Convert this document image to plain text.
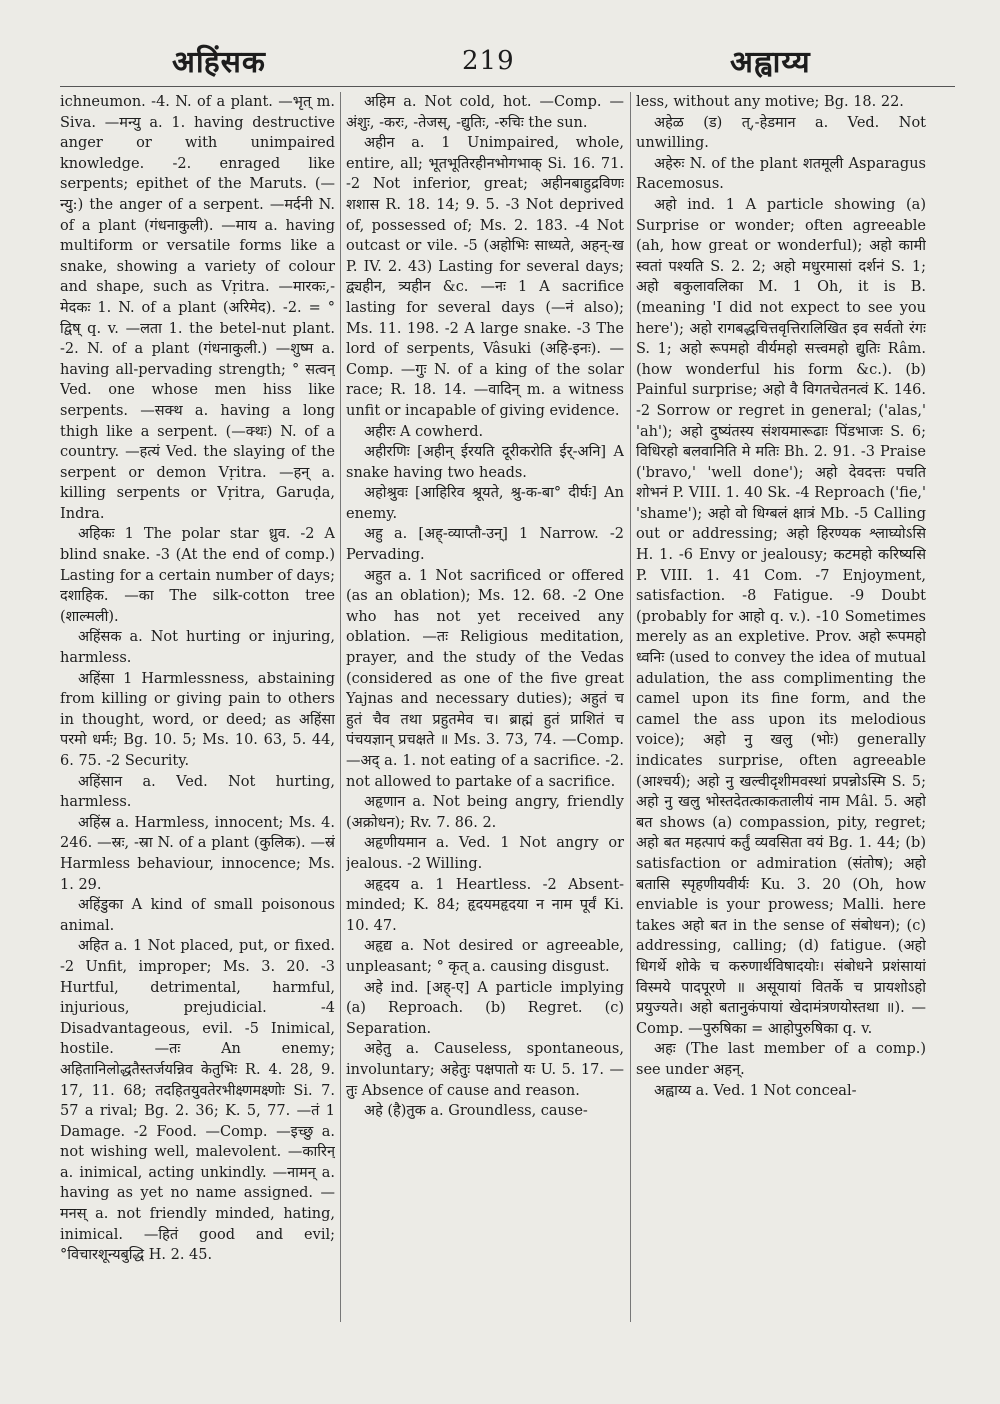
अहिंसक	219	अह्वाय्य

ichneumon. -4. N. of a plant. —भृत् m. Siva. —मन्यु a. 1. having destructive anger or with unimpaired knowledge. -2. enraged like serpents; epithet of the Maruts. (—न्यु:) the anger of a serpent. —मर्दनी N. of a plant (गंधनाकुली). —माय a. having multiform or versatile forms like a snake, showing a variety of colour and shape, such as Vṛitra. —मारकः,-मेदकः 1. N. of a plant (अरिमेद). -2. = ° द्विष् q. v. —लता 1. the betel-nut plant. -2. N. of a plant (गंधनाकुली.) —शुष्म a. having all-pervading strength; ° सत्वन् Ved. one whose men hiss like serpents. —सक्थ a. having a long thigh like a serpent. (—क्थः) N. of a country. —हत्यं Ved. the slaying of the serpent or demon Vṛitra. —हन् a. killing serpents or Vṛitra, Garuḍa, Indra.

अहिकः 1 The polar star ध्रुव. -2 A blind snake. -3 (At the end of comp.) Lasting for a certain number of days; दशाहिक. —का The silk-cotton tree (शाल्मली).

अहिंसक a. Not hurting or injuring, harmless.

अहिंसा 1 Harmlessness, abstaining from killing or giving pain to others in thought, word, or deed; as अहिंसा परमो धर्मः; Bg. 10. 5; Ms. 10. 63, 5. 44, 6. 75. -2 Security.

अहिंसान a. Ved. Not hurting, harmless.

अहिंस्र a. Harmless, innocent; Ms. 4. 246. —स्रः, -स्रा N. of a plant (कुलिक). —स्रं Harmless behaviour, innocence; Ms. 1. 29.

अहिंडुका A kind of small poisonous animal.

अहित a. 1 Not placed, put, or fixed. -2 Unfit, improper; Ms. 3. 20. -3 Hurtful, detrimental, harmful, injurious, prejudicial. -4 Disadvantageous, evil. -5 Inimical, hostile. —तः An enemy; अहितानिलोद्धतैस्तर्जयन्निव केतुभिः R. 4. 28, 9. 17, 11. 68; तदहितयुवतेरभीक्ष्णमक्ष्णोः Si. 7. 57 a rival; Bg. 2. 36; K. 5, 77. —तं 1 Damage. -2 Food. —Comp. —इच्छु a. not wishing well, malevolent. —कारिन् a. inimical, acting unkindly. —नामन् a. having as yet no name assigned. —मनस् a. not friendly minded, hating, inimical. —हितं good and evil; °विचारशून्यबुद्धि H. 2. 45.

अहिम a. Not cold, hot. —Comp. —अंशुः, -करः, -तेजस्, -द्युतिः, -रुचिः the sun.

अहीन a. 1 Unimpaired, whole, entire, all; भूतभूतिरहीनभोगभाक् Si. 16. 71. -2 Not inferior, great; अहीनबाहुद्रविणः शशास R. 18. 14; 9. 5. -3 Not deprived of, possessed of; Ms. 2. 183. -4 Not outcast or vile. -5 (अहोभिः साध्यते, अहन्-ख P. IV. 2. 43) Lasting for several days; द्व्यहीन, त्र्यहीन &c. —नः 1 A sacrifice lasting for several days (—नं also); Ms. 11. 198. -2 A large snake. -3 The lord of serpents, Vâsuki (अहि-इनः). —Comp. —गुः N. of a king of the solar race; R. 18. 14. —वादिन् m. a witness unfit or incapable of giving evidence.

अहीरः A cowherd.

अहीरणिः [अहीन् ईरयति दूरीकरोति ईर्-अनि] A snake having two heads.

अहोश्रुवः [आहिरिव श्रूयते, श्रु-क-बा° दीर्घः] An enemy.

अहु a. [अह्-व्याप्तौ-उन्] 1 Narrow. -2 Pervading.

अहुत a. 1 Not sacrificed or offered (as an oblation); Ms. 12. 68. -2 One who has not yet received any oblation. —तः Religious meditation, prayer, and the study of the Vedas (considered as one of the five great Yajnas and necessary duties); अहुतं च हुतं चैव तथा प्रहुतमेव च। ब्राह्मं हुतं प्राशितं च पंचयज्ञान् प्रचक्षते ॥ Ms. 3. 73, 74. —Comp. —अद् a. 1. not eating of a sacrifice. -2. not allowed to partake of a sacrifice.

अहृणान a. Not being angry, friendly (अक्रोधन); Rv. 7. 86. 2.

अहृणीयमान a. Ved. 1 Not angry or jealous. -2 Willing.

अहृदय a. 1 Heartless. -2 Absent-minded; K. 84; हृदयमहृदया न नाम पूर्वं Ki. 10. 47.

अहृद्य a. Not desired or agreeable, unpleasant; ° कृत् a. causing disgust.

अहे ind. [अह्-ए] A particle implying (a) Reproach. (b) Regret. (c) Separation.

अहेतु a. Causeless, spontaneous, involuntary; अहेतुः पक्षपातो यः U. 5. 17. —तुः Absence of cause and reason.

अहे (है)तुक a. Groundless, cause-

less, without any motive; Bg. 18. 22.

अहेळ (ड) त्,-हेडमान a. Ved. Not unwilling.

अहेरुः N. of the plant शतमूली Asparagus Racemosus.

अहो ind. 1 A particle showing (a) Surprise or wonder; often agreeable (ah, how great or wonderful); अहो कामी स्वतां पश्यति S. 2. 2; अहो मधुरमासां दर्शनं S. 1; अहो बकुलावलिका M. 1 Oh, it is B. (meaning 'I did not expect to see you here'); अहो रागबद्धचित्तवृत्तिरालिखित इव सर्वतो रंगः S. 1; अहो रूपमहो वीर्यमहो सत्त्वमहो द्युतिः Râm. (how wonderful his form &c.). (b) Painful surprise; अहो वै विगतचेतनत्वं K. 146. -2 Sorrow or regret in general; ('alas,' 'ah'); अहो दुष्यंतस्य संशयमारूढाः पिंडभाजः S. 6; विधिरहो बलवानिति मे मतिः Bh. 2. 91. -3 Praise ('bravo,' 'well done'); अहो देवदत्तः पचति शोभनं P. VIII. 1. 40 Sk. -4 Reproach ('fie,' 'shame'); अहो वो धिग्बलं क्षात्रं Mb. -5 Calling out or addressing; अहो हिरण्यक श्लाघ्योऽसि H. 1. -6 Envy or jealousy; कटमहो करिष्यसि P. VIII. 1. 41 Com. -7 Enjoyment, satisfaction. -8 Fatigue. -9 Doubt (probably for आहो q. v.). -10 Sometimes merely as an expletive. Prov. अहो रूपमहो ध्वनिः (used to convey the idea of mutual adulation, the ass complimenting the camel upon its fine form, and the camel the ass upon its melodious voice); अहो नु खलु (भोः) generally indicates surprise, often agreeable (आश्चर्य); अहो नु खल्वीदृशीमवस्थां प्रपन्नोऽस्मि S. 5; अहो नु खलु भोस्तदेतत्काकतालीयं नाम Mâl. 5. अहो बत shows (a) compassion, pity, regret; अहो बत महत्पापं कर्तुं व्यवसिता वयं Bg. 1. 44; (b) satisfaction or admiration (संतोष); अहो बतासि स्पृहणीयवीर्यः Ku. 3. 20 (Oh, how enviable is your prowess; Malli. here takes अहो बत in the sense of संबोधन); (c) addressing, calling; (d) fatigue. (अहो धिगर्थे शोके च करुणार्थविषादयोः। संबोधने प्रशंसायां विस्मये पादपूरणे ॥ असूयायां वितर्के च प्रायशोऽहो प्रयुज्यते। अहो बतानुकंपायां खेदामंत्रणयोस्तथा ॥). —Comp. —पुरुषिका = आहोपुरुषिका q. v.

अहः (The last member of a comp.) see under अहन्.

अह्वाय्य a. Ved. 1 Not conceal-
